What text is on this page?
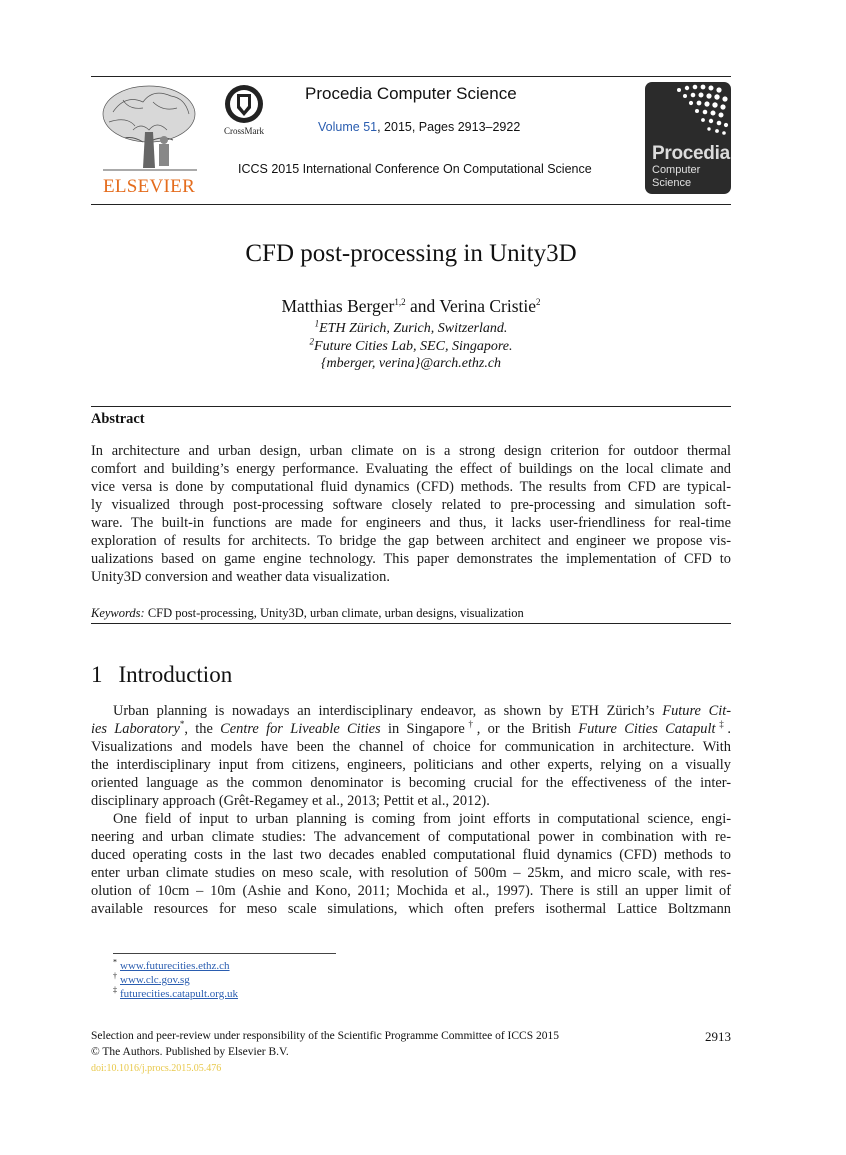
ELSEVIER
CrossMark
Procedia Computer Science
Volume 51, 2015, Pages 2913–2922
ICCS 2015 International Conference On Computational Science
Procedia
Computer
Science
CFD post-processing in Unity3D
Matthias Berger$^{1,2}$ and Verina Cristie$^2$
$^1$ETH Zürich, Zurich, Switzerland.
$^2$Future Cities Lab, SEC, Singapore.
{mberger, verina}@arch.ethz.ch
Abstract
In architecture and urban design, urban climate on is a strong design criterion for outdoor thermal
comfort and building’s energy performance. Evaluating the effect of buildings on the local climate and
vice versa is done by computational fluid dynamics (CFD) methods. The results from CFD are typical-
ly visualized through post-processing software closely related to pre-processing and simulation soft-
ware. The built-in functions are made for engineers and thus, it lacks user-friendliness for real-time
exploration of results for architects. To bridge the gap between architect and engineer we propose vis-
ualizations based on game engine technology. This paper demonstrates the implementation of CFD to
Unity3D conversion and weather data visualization.
Keywords: CFD post-processing, Unity3D, urban climate, urban designs, visualization
1 Introduction
Urban planning is nowadays an interdisciplinary endeavor, as shown by ETH Zürich’s Future Cit-
ies Laboratory*, the Centre for Liveable Cities in Singapore†, or the British Future Cities Catapult‡.
Visualizations and models have been the channel of choice for communication in architecture. With
the interdisciplinary input from citizens, engineers, politicians and other experts, relying on a visually
oriented language as the common denominator is becoming crucial for the effectiveness of the inter-
disciplinary approach (Grêt-Regamey et al., 2013; Pettit et al., 2012).
One field of input to urban planning is coming from joint efforts in computational science, engi-
neering and urban climate studies: The advancement of computational power in combination with re-
duced operating costs in the last two decades enabled computational fluid dynamics (CFD) methods to
enter urban climate studies on meso scale, with resolution of 500m – 25km, and micro scale, with res-
olution of 10cm – 10m (Ashie and Kono, 2011; Mochida et al., 1997). There is still an upper limit of
available resources for meso scale simulations, which often prefers isothermal Lattice Boltzmann
* www.futurecities.ethz.ch
† www.clc.gov.sg
‡ futurecities.catapult.org.uk
Selection and peer-review under responsibility of the Scientific Programme Committee of ICCS 2015
© The Authors. Published by Elsevier B.V.
doi:10.1016/j.procs.2015.05.476
2913
